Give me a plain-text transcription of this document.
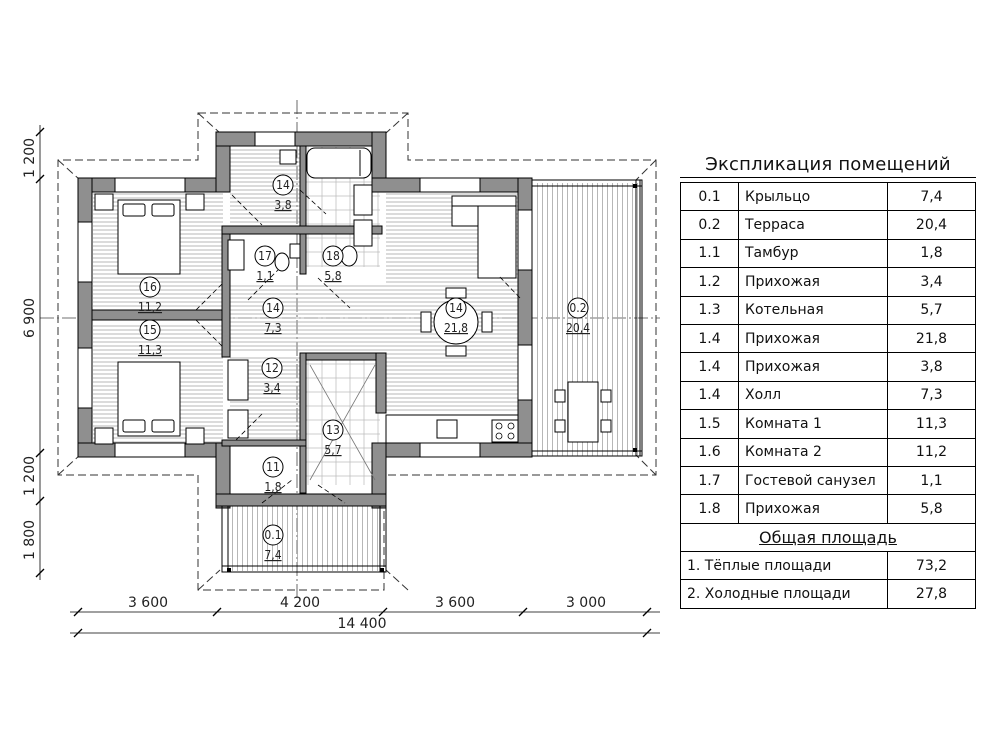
14
3,8
17
1,1
18
5,8
16
11,2	14
7,3
14
21,8
0.2
20,4
15
11,3
12
3,4
13
5,7
11
1,8
0.1
7,4
3 600	4 200	3 600	3 000
14 400
1 200
6 900
1 200
1 800
Экспликация помещений
0.1	Крыльцо	7,4
0.2	Терраса	20,4
1.1	Тамбур	1,8
1.2	Прихожая	3,4
1.3	Котельная	5,7
1.4	Прихожая	21,8
1.4	Прихожая	3,8
1.4	Холл	7,3
1.5	Комната 1	11,3
1.6	Комната 2	11,2
1.7	Гостевой санузел	1,1
1.8	Прихожая	5,8
Общая площадь		
1. Тёплые площади		73,2
2. Холодные площади		27,8
